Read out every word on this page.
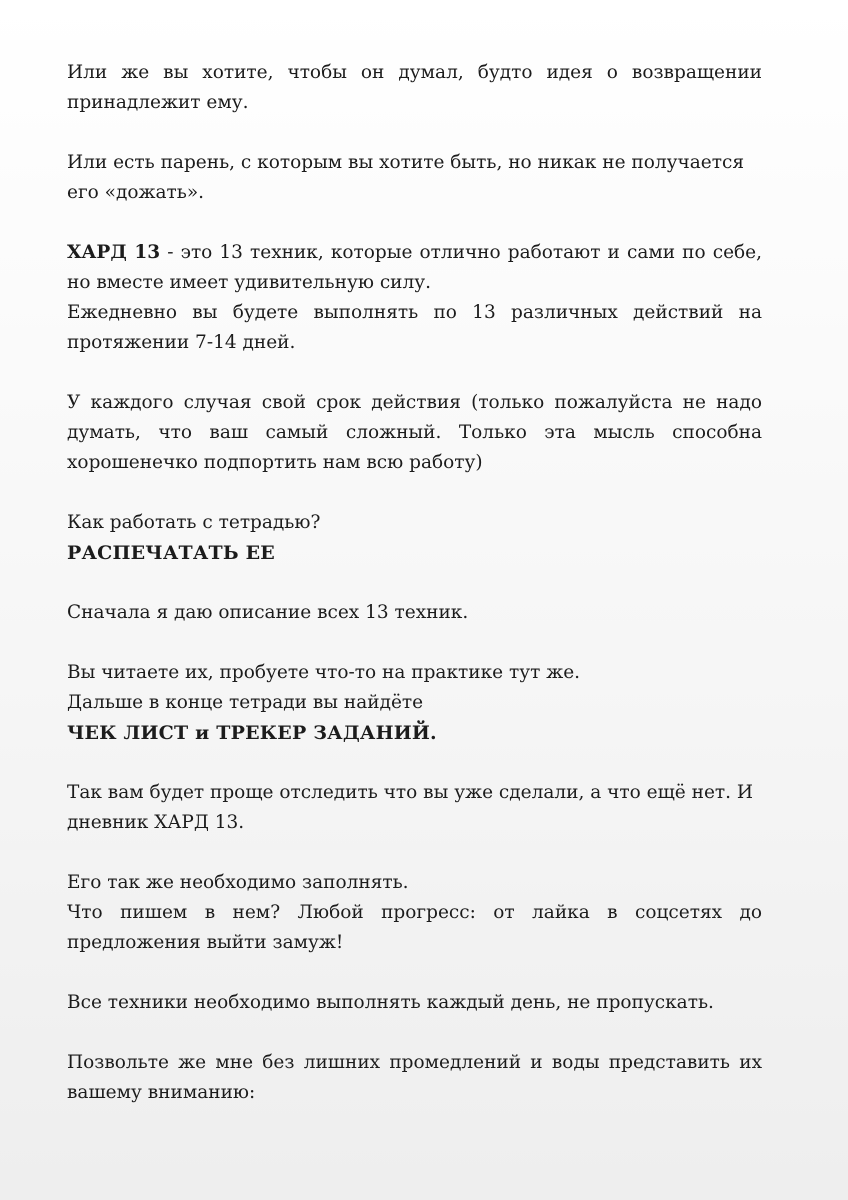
Или же вы хотите, чтобы он думал, будто идея о возвращении принадлежит ему.

Или есть парень, с которым вы хотите быть, но никак не получается его «дожать».

ХАРД 13 - это 13 техник, которые отлично работают и сами по себе, но вместе имеет удивительную силу.

Ежедневно вы будете выполнять по 13 различных действий на протяжении 7-14 дней.

У каждого случая свой срок действия (только пожалуйста не надо думать, что ваш самый сложный. Только эта мысль способна хорошенечко подпортить нам всю работу)

Как работать с тетрадью?

РАСПЕЧАТАТЬ ЕЕ

Сначала я даю описание всех 13 техник.

Вы читаете их, пробуете что-то на практике тут же.

Дальше в конце тетради вы найдёте

ЧЕК ЛИСТ и ТРЕКЕР ЗАДАНИЙ.

Так вам будет проще отследить что вы уже сделали, а что ещё нет. И дневник ХАРД 13.

Его так же необходимо заполнять.

Что пишем в нем? Любой прогресс: от лайка в соцсетях до предложения выйти замуж!

Все техники необходимо выполнять каждый день, не пропускать.

Позвольте же мне без лишних промедлений и воды представить их вашему вниманию:
